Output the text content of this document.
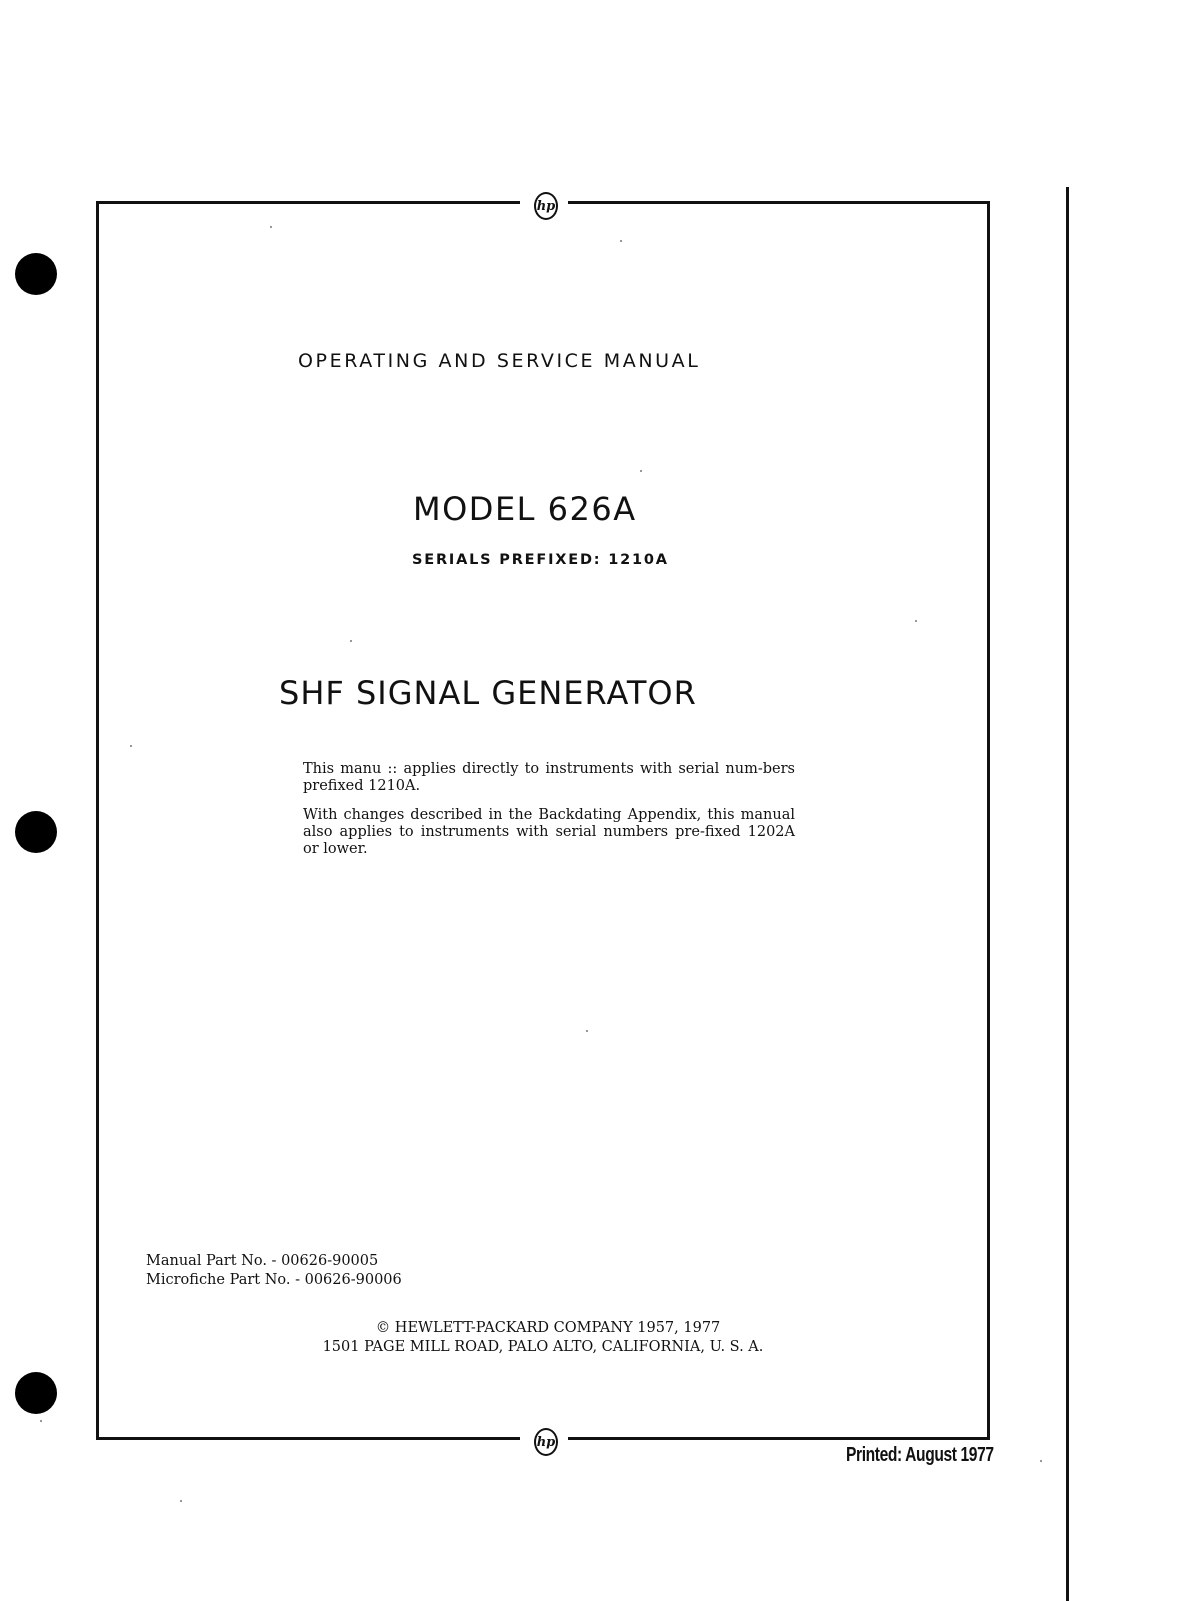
hp
hp
OPERATING AND SERVICE MANUAL
MODEL 626A
SERIALS PREFIXED: 1210A
SHF SIGNAL GENERATOR

This manu :: applies directly to instruments with serial num-bers prefixed 1210A.

With changes described in the Backdating Appendix, this manual also applies to instruments with serial numbers pre-fixed 1202A or lower.

Manual Part No. - 00626-90005
Microfiche Part No. - 00626-90006
© HEWLETT-PACKARD COMPANY 1957, 1977
1501 PAGE MILL ROAD, PALO ALTO, CALIFORNIA, U. S. A.
Printed: August 1977
